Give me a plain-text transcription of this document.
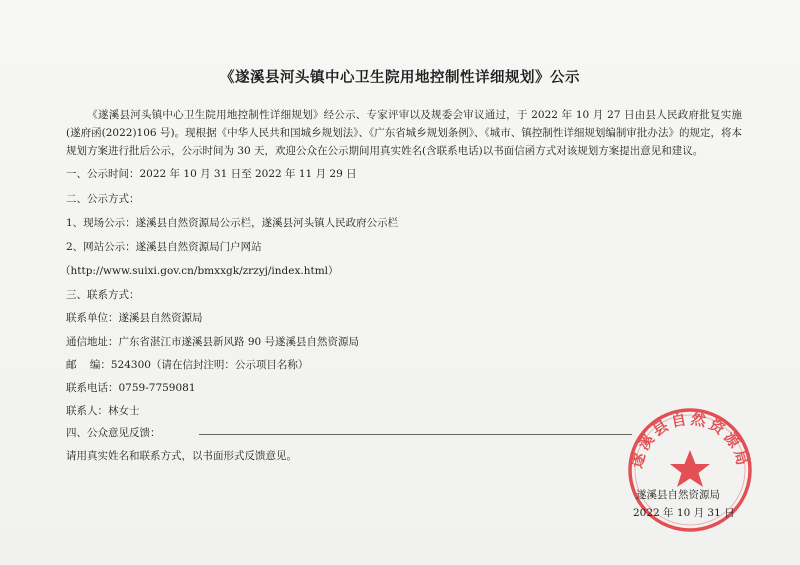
《遂溪县河头镇中心卫生院用地控制性详细规划》公示
《遂溪县河头镇中心卫生院用地控制性详细规划》经公示、专家评审以及规委会审议通过，于 2022 年 10 月 27 日由县人民政府批复实施(遂府函(2022)106 号)。现根据《中华人民共和国城乡规划法》、《广东省城乡规划条例》、《城市、镇控制性详细规划编制审批办法》的规定，将本规划方案进行批后公示，公示时间为 30 天，欢迎公众在公示期间用真实姓名(含联系电话)以书面信函方式对该规划方案提出意见和建议。
一、公示时间：2022 年 10 月 31 日至 2022 年 11 月 29 日
二、公示方式：
1、现场公示：遂溪县自然资源局公示栏，遂溪县河头镇人民政府公示栏
2、网站公示：遂溪县自然资源局门户网站
（http://www.suixi.gov.cn/bmxxgk/zrzyj/index.html）
三、联系方式：
联系单位：遂溪县自然资源局
通信地址：广东省湛江市遂溪县新风路 90 号遂溪县自然资源局
邮    编：524300（请在信封注明：公示项目名称）
联系电话：0759-7759081
联系人：林女士
四、公众意见反馈：
请用真实姓名和联系方式，以书面形式反馈意见。	遂溪县自然资源局
遂溪县自然资源局
2022 年 10 月 31 日
